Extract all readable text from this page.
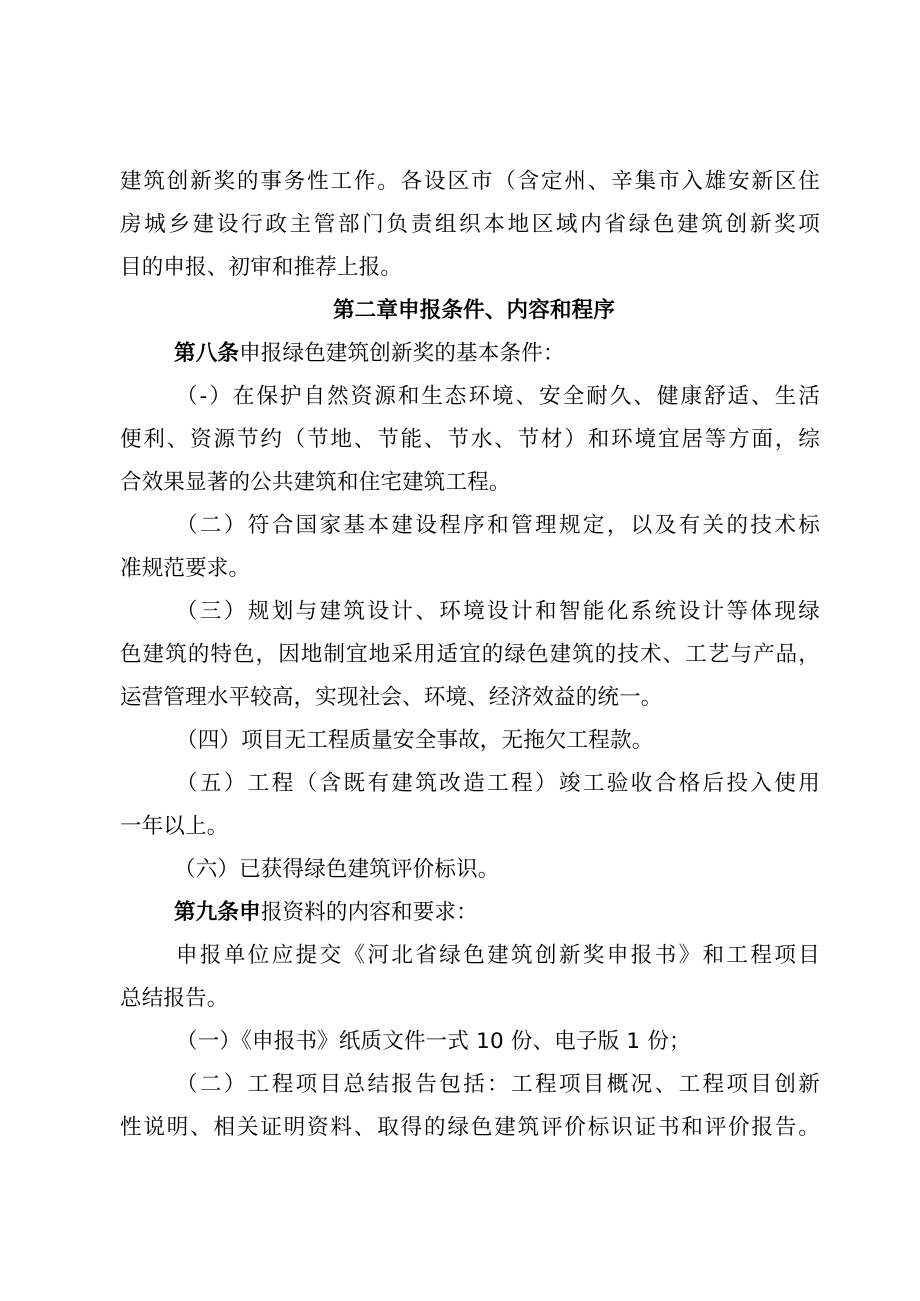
建筑创新奖的事务性工作。各设区市（含定州、辛集市入雄安新区住
房城乡建设行政主管部门负责组织本地区域内省绿色建筑创新奖项
目的申报、初审和推荐上报。
第二章申报条件、内容和程序
第八条申报绿色建筑创新奖的基本条件：
（-）在保护自然资源和生态环境、安全耐久、健康舒适、生活
便利、资源节约（节地、节能、节水、节材）和环境宜居等方面，综
合效果显著的公共建筑和住宅建筑工程。
（二）符合国家基本建设程序和管理规定，以及有关的技术标
准规范要求。
（三）规划与建筑设计、环境设计和智能化系统设计等体现绿
色建筑的特色，因地制宜地采用适宜的绿色建筑的技术、工艺与产品，
运营管理水平较高，实现社会、环境、经济效益的统一。
（四）项目无工程质量安全事故，无拖欠工程款。
（五）工程（含既有建筑改造工程）竣工验收合格后投入使用
一年以上。
（六）已获得绿色建筑评价标识。
第九条申报资料的内容和要求：
申报单位应提交《河北省绿色建筑创新奖申报书》和工程项目
总结报告。
（一）《申报书》纸质文件一式 10 份、电子版 1 份；
（二）工程项目总结报告包括：工程项目概况、工程项目创新
性说明、相关证明资料、取得的绿色建筑评价标识证书和评价报告。
